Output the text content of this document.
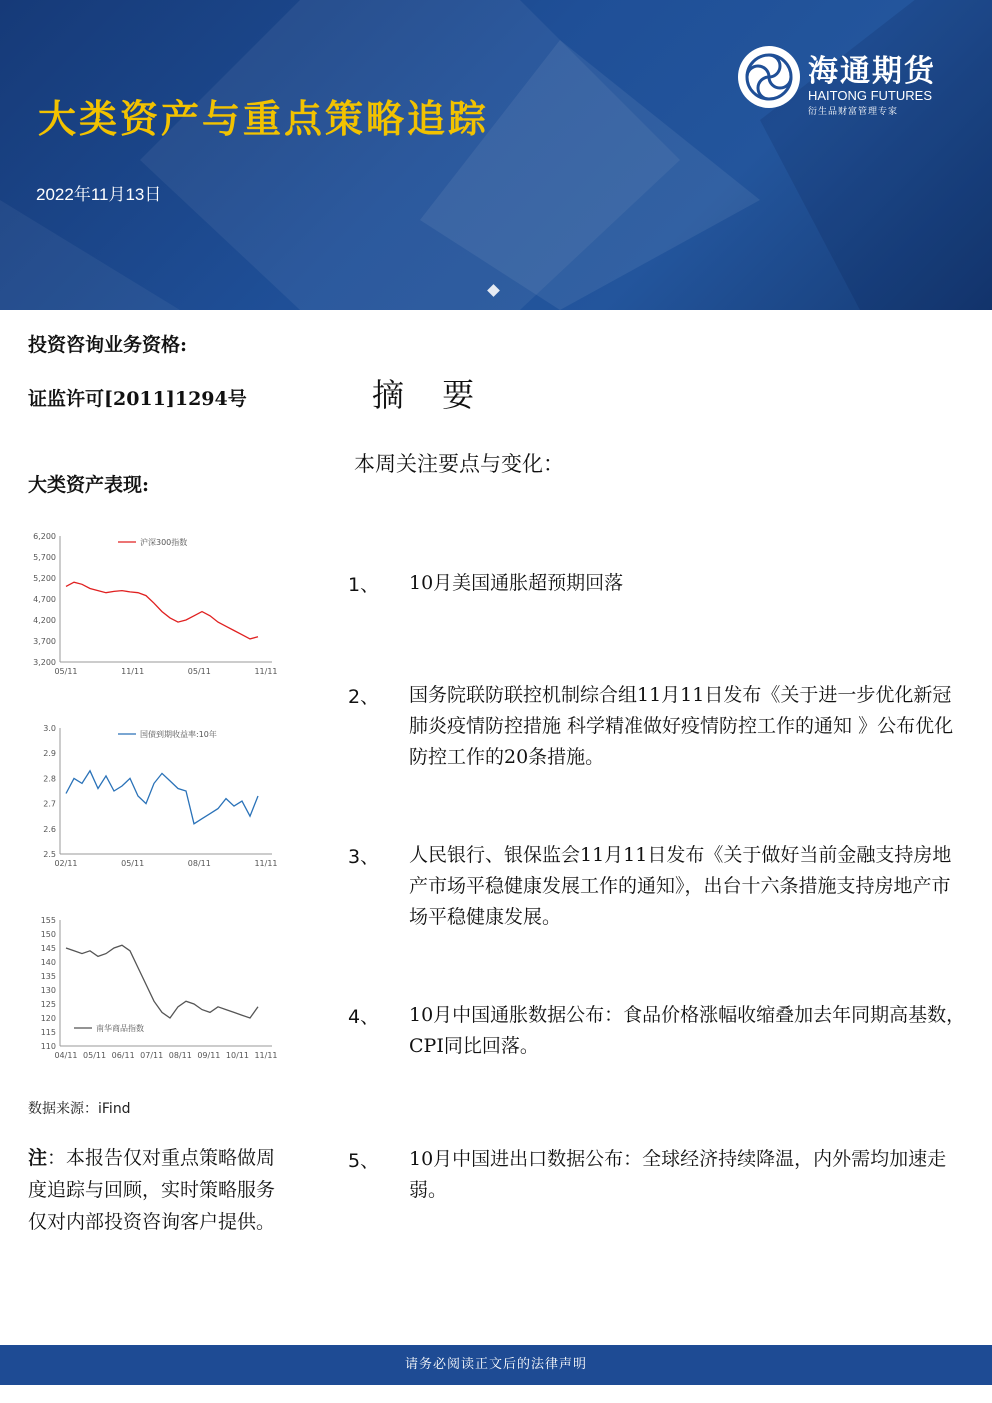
大类资产与重点策略追踪
2022年11月13日
海通期货
HAITONG FUTURES
衍生品财富管理专家
投资咨询业务资格:
证监许可[2011]1294号
大类资产表现:
6,200
5,700
5,200
4,700
4,200
3,700
3,200
05/11	11/11	05/11	11/11
沪深300指数
3.0
2.9
2.8
2.7
2.6
2.5
02/11	05/11	08/11	11/11
国债到期收益率:10年
155
150
145
140
135
130
125
120
115
110
04/11 05/11 06/11 07/11 08/11 09/11 10/11 11/11
南华商品指数
数据来源：iFind
注：本报告仅对重点策略做周度追踪与回顾，实时策略服务仅对内部投资咨询客户提供。
摘 要
本周关注要点与变化：
1、 10月美国通胀超预期回落
2、 国务院联防联控机制综合组11月11日发布《关于进一步优化新冠肺炎疫情防控措施 科学精准做好疫情防控工作的通知 》公布优化防控工作的20条措施。
3、 人民银行、银保监会11月11日发布《关于做好当前金融支持房地产市场平稳健康发展工作的通知》，出台十六条措施支持房地产市场平稳健康发展。
4、 10月中国通胀数据公布：食品价格涨幅收缩叠加去年同期高基数，CPI同比回落。
5、 10月中国进出口数据公布：全球经济持续降温，内外需均加速走弱。
请务必阅读正文后的法律声明
